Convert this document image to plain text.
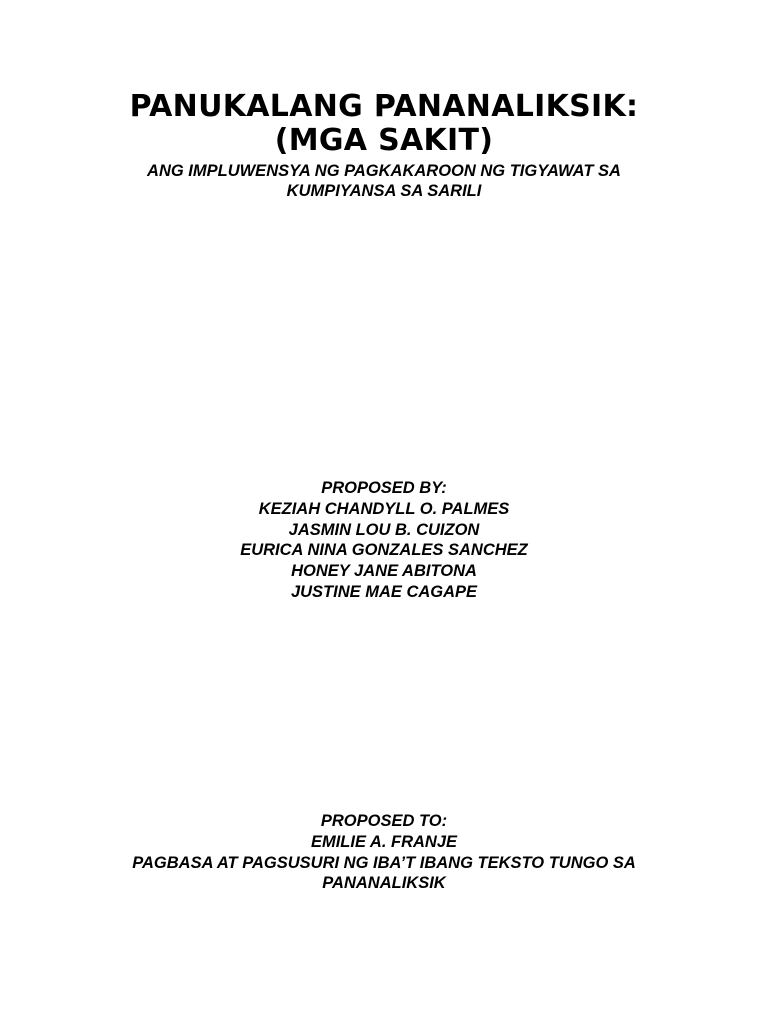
PANUKALANG PANANALIKSIK:
(MGA SAKIT)
ANG IMPLUWENSYA NG PAGKAKAROON NG TIGYAWAT SA
KUMPIYANSA SA SARILI
PROPOSED BY:
KEZIAH CHANDYLL O. PALMES
JASMIN LOU B. CUIZON
EURICA NINA GONZALES SANCHEZ
HONEY JANE ABITONA
JUSTINE MAE CAGAPE
PROPOSED TO:
EMILIE A. FRANJE
PAGBASA AT PAGSUSURI NG IBA’T IBANG TEKSTO TUNGO SA
PANANALIKSIK
